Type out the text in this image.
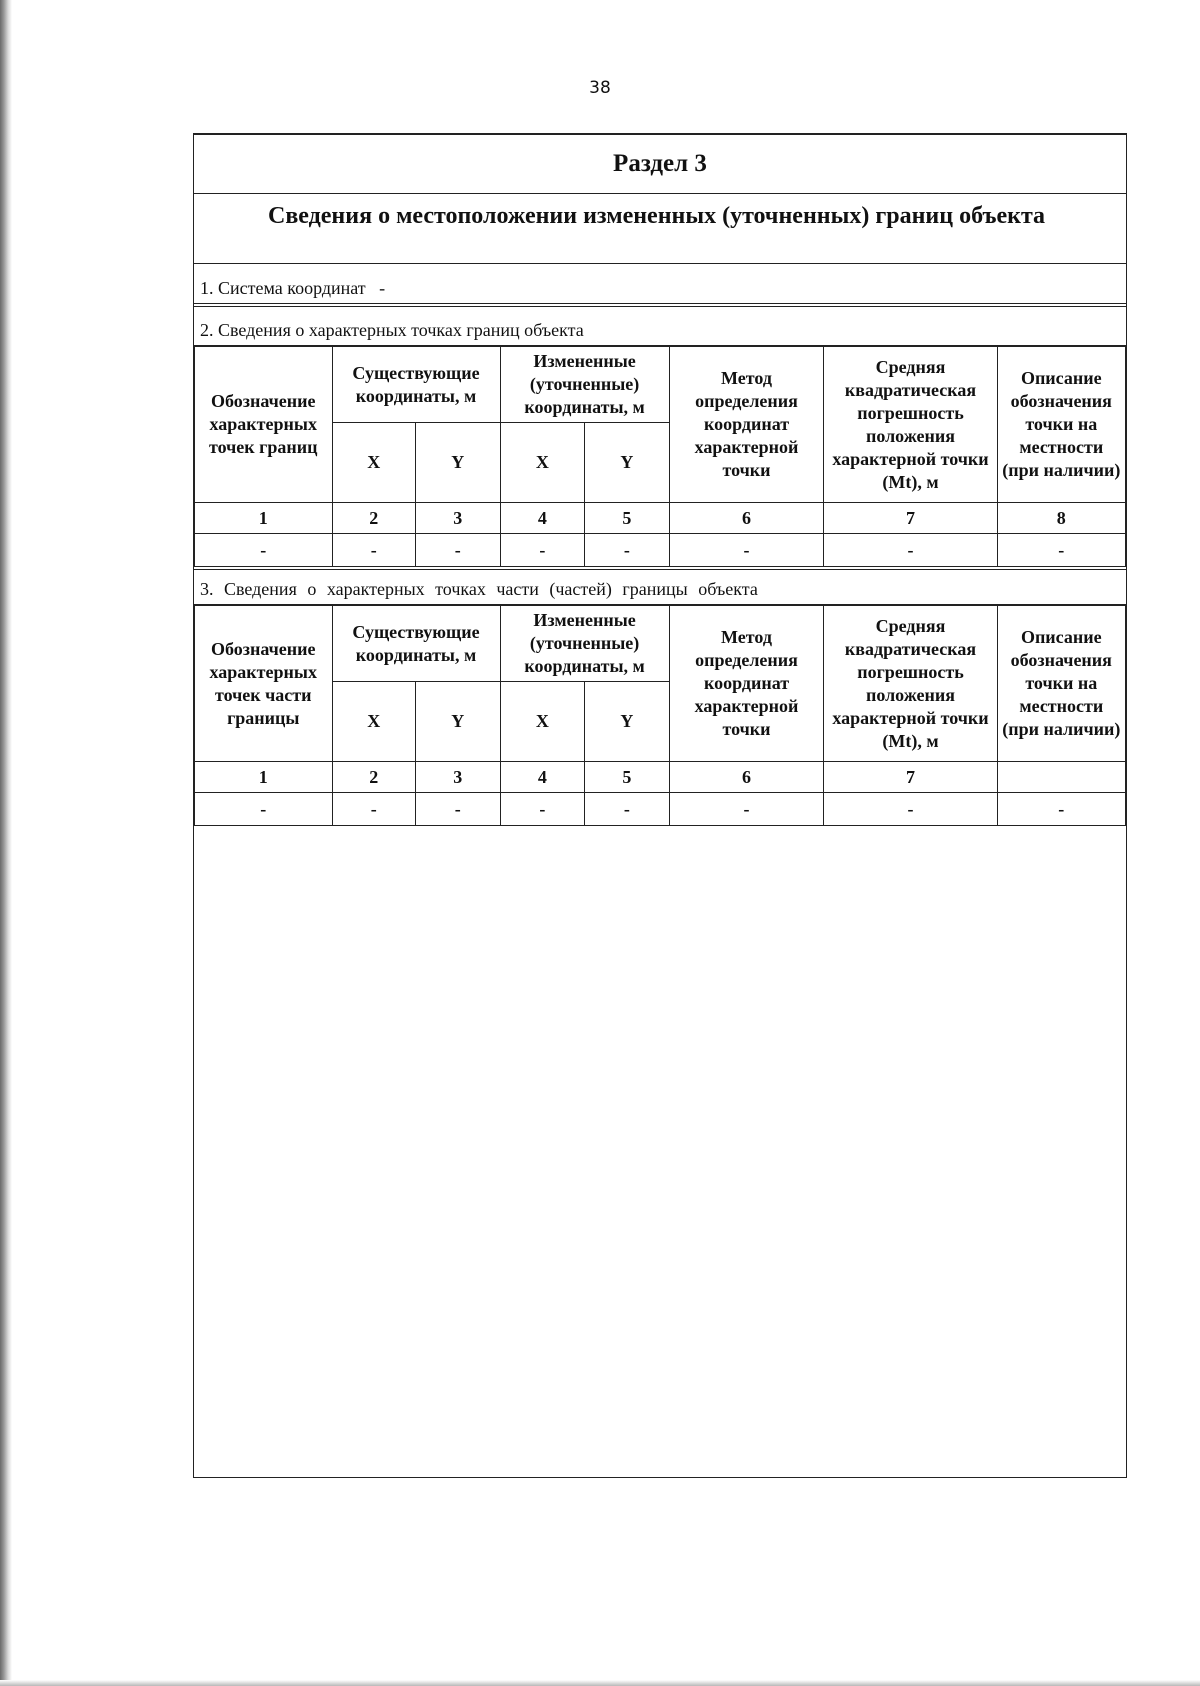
38
Раздел 3
Сведения о местоположении измененных (уточненных) границ объекта
1. Система координат   -
2. Сведения о характерных точках границ объекта
Обозначение характерных точек границ	Существующие координаты, м		Измененные (уточненные) координаты, м		Метод определения координат характерной точки	Средняя квадратическая погрешность положения характерной точки (Mt), м	Описание обозначения точки на местности (при наличии)
	X	Y	X	Y			
1	2	3	4	5	6	7	8
-	-	-	-	-	-	-	-
3. Сведения о характерных точках части (частей) границы объекта
Обозначение характерных точек части границы	Существующие координаты, м		Измененные (уточненные) координаты, м		Метод определения координат характерной точки	Средняя квадратическая погрешность положения характерной точки (Mt), м	Описание обозначения точки на местности (при наличии)
	X	Y	X	Y			
1	2	3	4	5	6	7	
-	-	-	-	-	-	-	-
